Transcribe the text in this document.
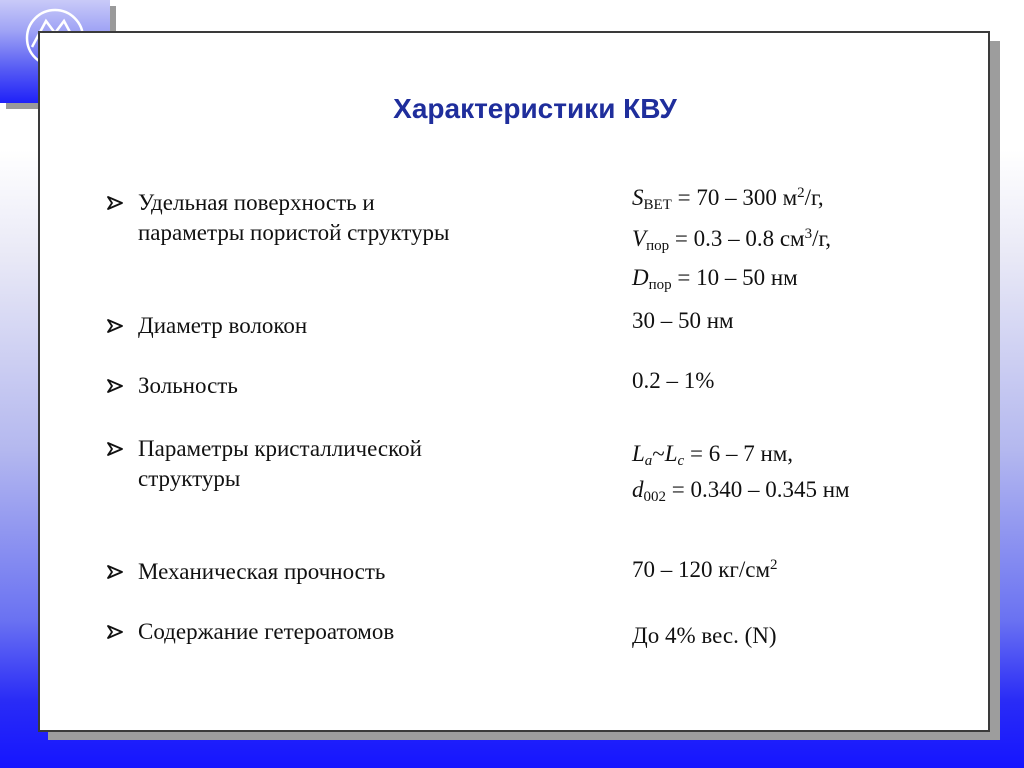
Характеристики КВУ
Удельная поверхность и
параметры пористой структуры
Диаметр волокон
Зольность
Параметры кристаллической
структуры
Механическая прочность
Содержание гетероатомов
$S_{BET} = 70 - 300$ $м^2/г$,
$V_{пор} = 0.3 - 0.8$ $см^3/г$,
$D_{пор} = 10 - 50$ нм
30 – 50 нм
0.2 – 1%
$L_a\sim L_c = 6 - 7$ нм,
$d_{002} = 0.340 - 0.345$ нм
70 – 120 $кг/см^2$
До 4% вес. (N)
